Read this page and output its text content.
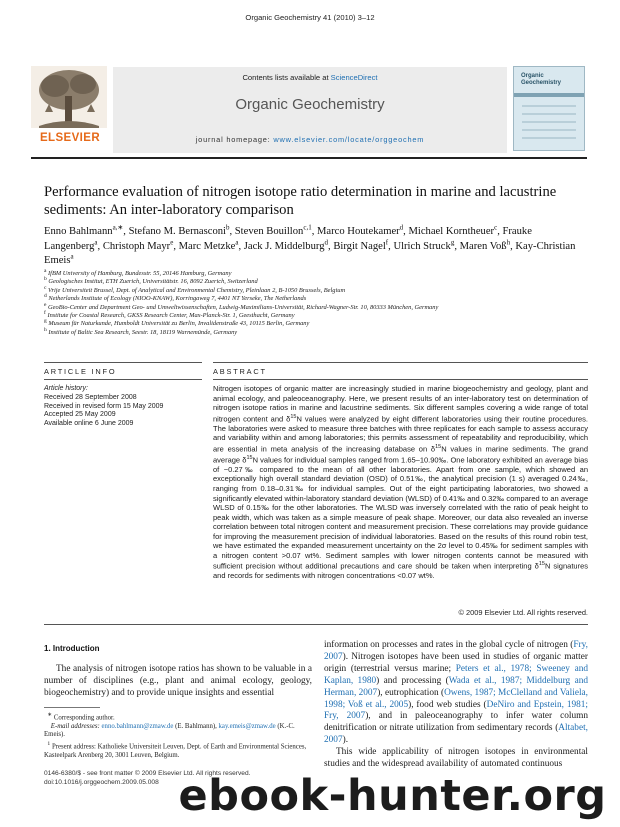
Organic Geochemistry 41 (2010) 3–12
ELSEVIER
Contents lists available at ScienceDirect
Organic Geochemistry
journal homepage: www.elsevier.com/locate/orggeochem
Organic Geochemistry
Performance evaluation of nitrogen isotope ratio determination in marine and lacustrine sediments: An inter-laboratory comparison
Enno Bahlmann$^{a,∗}$, Stefano M. Bernasconi$^b$, Steven Bouillon$^{c,1}$, Marco Houtekamer$^d$, Michael Korntheuer$^c$, Frauke Langenberg$^a$, Christoph Mayr$^e$, Marc Metzke$^a$, Jack J. Middelburg$^d$, Birgit Nagel$^f$, Ulrich Struck$^g$, Maren Voß$^h$, Kay-Christian Emeis$^a$
a IfBM University of Hamburg, Bundesstr. 55, 20146 Hamburg, Germany
b Geologisches Institut, ETH Zuerich, Universitätstr. 16, 8092 Zuerich, Switzerland
c Vrije Universiteit Brussel, Dept. of Analytical and Environmental Chemistry, Pleinlaan 2, B-1050 Brussels, Belgium
d Netherlands Institute of Ecology (NIOO-KNAW), Korringaweg 7, 4401 NT Yerseke, The Netherlands
e GeoBio-Center and Department Geo- und Umweltwissenschaften, Ludwig-Maximilians-Universität, Richard-Wagner-Str. 10, 80333 München, Germany
f Institute for Coastal Research, GKSS Research Center, Max-Planck-Str. 1, Geesthacht, Germany
g Museum für Naturkunde, Humboldt Universität zu Berlin, Invalidenstraße 43, 10115 Berlin, Germany
h Institute of Baltic Sea Research, Seestr. 18, 18119 Warnemünde, Germany
ARTICLE INFO	ABSTRACT
Article history:
Received 28 September 2008
Received in revised form 15 May 2009
Accepted 25 May 2009
Available online 6 June 2009
Nitrogen isotopes of organic matter are increasingly studied in marine biogeochemistry and geology, plant and animal ecology, and paleoceanography. Here, we present results of an inter-laboratory test on determination of nitrogen isotope ratios in marine and lacustrine sediments. Six different samples covering a wide range of total nitrogen content and $\delta^{15}N$ values were analyzed by eight different laboratories using their routine procedures. The laboratories were asked to measure three batches with three replicates for each sample to assess accuracy and variability within and among laboratories; this permits assessment of repeatability and reproducibility, which are essential in meta analysis of the increasing database on $\delta^{15}N$ values in marine sediments. The grand average $\delta^{15}N$ values for individual samples ranged from 1.65–10.90‰. One laboratory exhibited an average bias of −0.27‰ compared to the mean of all other laboratories. Apart from one sample, which showed an exceptionally high overall standard deviation (OSD) of 0.51‰, the analytical precision (1 s) averaged 0.24‰, ranging from 0.18–0.31‰ for individual samples. Out of the eight participating laboratories, two showed a significantly elevated within-laboratory standard deviation (WLSD) of 0.41‰ and 0.32‰ compared to an average WLSD of 0.15‰ for the other laboratories. The WLSD was inversely correlated with the ratio of peak height to peak width, which was taken as a simple measure of peak shape. Moreover, our data also revealed an inverse correlation between total nitrogen content and measurement precision. These correlations may provide guidance for improving the measurement precision of individual laboratories. Based on the results of this round robin test, we have estimated the expanded measurement uncertainty on the 2σ level to 0.45‰ for sediment samples with a nitrogen content >0.07 wt%. Sediment samples with lower nitrogen contents cannot be measured with sufficient precision without additional precautions and care should be taken when interpreting $\delta^{15}N$ signatures and records for sediments with nitrogen concentrations <0.07 wt%.
© 2009 Elsevier Ltd. All rights reserved.
1. Introduction

The analysis of nitrogen isotope ratios has shown to be valuable in a number of disciplines (e.g., plant and animal ecology, geology, biogeochemistry) and to provide unique insights and essential

information on processes and rates in the global cycle of nitrogen (Fry, 2007). Nitrogen isotopes have been used in studies of organic matter origin (terrestrial versus marine; Peters et al., 1978; Sweeney and Kaplan, 1980) and processing (Wada et al., 1987; Middelburg and Herman, 2007), eutrophication (Owens, 1987; McClelland and Valiela, 1998; Voß et al., 2005), food web studies (DeNiro and Epstein, 1981; Fry, 2007), and in paleoceanography to infer water column denitrification or nitrate utilization from sedimentary records (Altabet, 2007).

This wide applicability of nitrogen isotopes in environmental studies and the widespread availability of automated continuous

∗ Corresponding author.
E-mail addresses: enno.bahlmann@zmaw.de (E. Bahlmann), kay.emeis@zmaw.de (K.-C. Emeis).
$^1$ Present address: Katholieke Universiteit Leuven, Dept. of Earth and Environmental Sciences, Kasteelpark Arenberg 20, 3001 Leuven, Belgium.
0146-6380/$ - see front matter © 2009 Elsevier Ltd. All rights reserved.
doi:10.1016/j.orggeochem.2009.05.008 ebook-hunter.org
